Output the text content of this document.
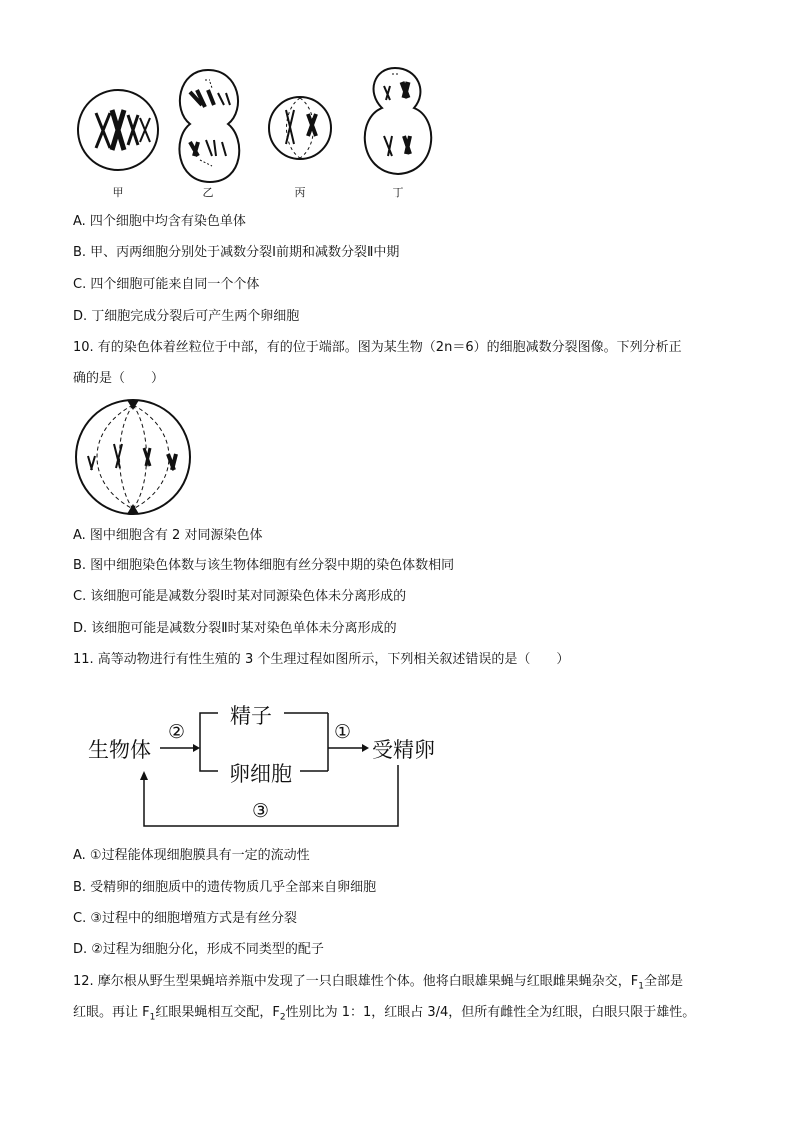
甲	乙	丙	丁
A. 四个细胞中均含有染色单体
B. 甲、丙两细胞分别处于减数分裂Ⅰ前期和减数分裂Ⅱ中期
C. 四个细胞可能来自同一个个体
D. 丁细胞完成分裂后可产生两个卵细胞
10. 有的染色体着丝粒位于中部，有的位于端部。图为某生物（2n＝6）的细胞减数分裂图像。下列分析正
确的是（　　）
A. 图中细胞含有 2 对同源染色体
B. 图中细胞染色体数与该生物体细胞有丝分裂中期的染色体数相同
C. 该细胞可能是减数分裂Ⅰ时某对同源染色体未分离形成的
D. 该细胞可能是减数分裂Ⅱ时某对染色单体未分离形成的
11. 高等动物进行有性生殖的 3 个生理过程如图所示，下列相关叙述错误的是（　　）
生物体
②
精子
卵细胞
①
受精卵
③
A. ①过程能体现细胞膜具有一定的流动性
B. 受精卵的细胞质中的遗传物质几乎全部来自卵细胞
C. ③过程中的细胞增殖方式是有丝分裂
D. ②过程为细胞分化，形成不同类型的配子
12. 摩尔根从野生型果蝇培养瓶中发现了一只白眼雄性个体。他将白眼雄果蝇与红眼雌果蝇杂交，$F_1$全部是
红眼。再让 $F_1$红眼果蝇相互交配，$F_2$性别比为 1：1，红眼占 3/4，但所有雌性全为红眼，白眼只限于雄性。
